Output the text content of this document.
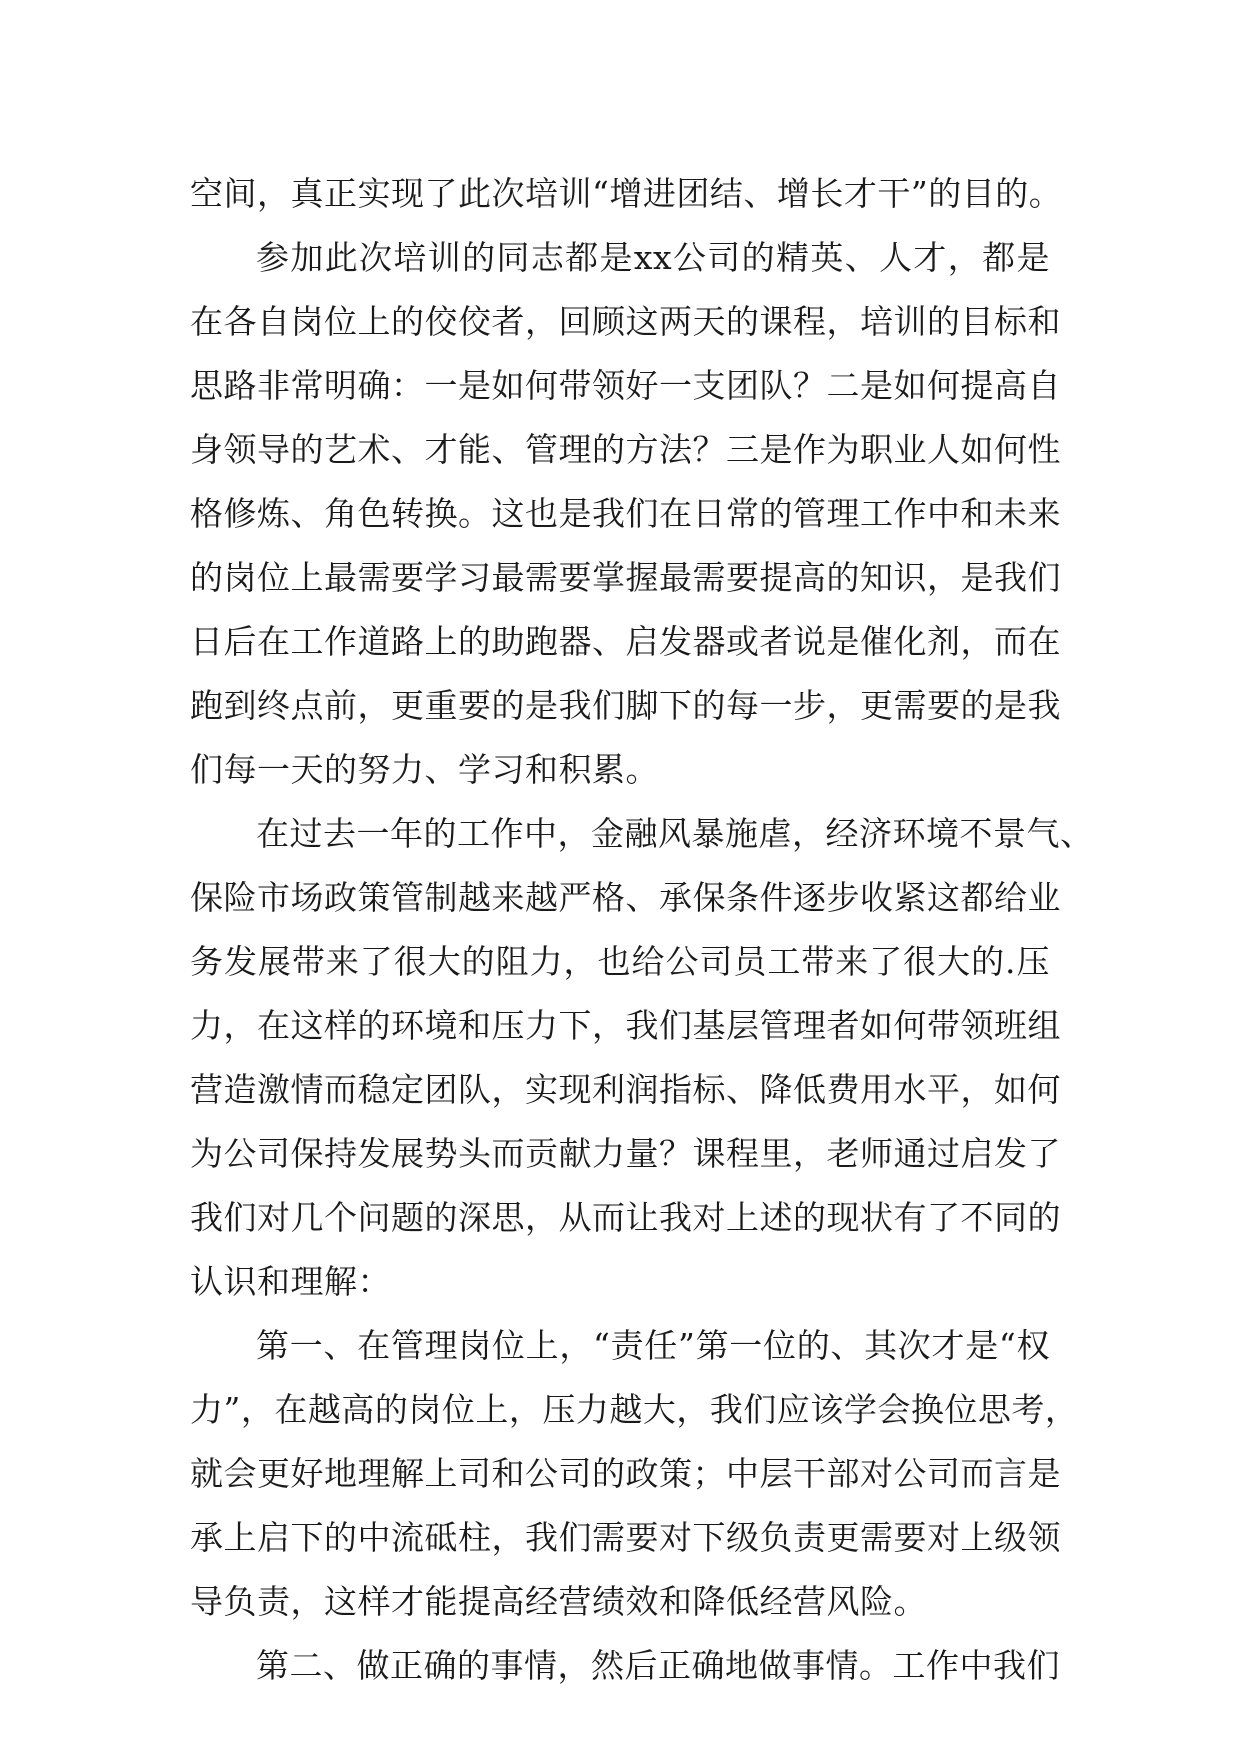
空间，真正实现了此次培训“增进团结、增长才干”的目的。
参加此次培训的同志都是xx公司的精英、人才，都是
在各自岗位上的佼佼者，回顾这两天的课程，培训的目标和
思路非常明确：一是如何带领好一支团队？二是如何提高自
身领导的艺术、才能、管理的方法？三是作为职业人如何性
格修炼、角色转换。这也是我们在日常的管理工作中和未来
的岗位上最需要学习最需要掌握最需要提高的知识，是我们
日后在工作道路上的助跑器、启发器或者说是催化剂，而在
跑到终点前，更重要的是我们脚下的每一步，更需要的是我
们每一天的努力、学习和积累。
在过去一年的工作中，金融风暴施虐，经济环境不景气、
保险市场政策管制越来越严格、承保条件逐步收紧这都给业
务发展带来了很大的阻力，也给公司员工带来了很大的.压
力，在这样的环境和压力下，我们基层管理者如何带领班组
营造激情而稳定团队，实现利润指标、降低费用水平，如何
为公司保持发展势头而贡献力量？课程里，老师通过启发了
我们对几个问题的深思，从而让我对上述的现状有了不同的
认识和理解：
第一、在管理岗位上，“责任”第一位的、其次才是“权
力”，在越高的岗位上，压力越大，我们应该学会换位思考，
就会更好地理解上司和公司的政策；中层干部对公司而言是
承上启下的中流砥柱，我们需要对下级负责更需要对上级领
导负责，这样才能提高经营绩效和降低经营风险。
第二、做正确的事情，然后正确地做事情。工作中我们
